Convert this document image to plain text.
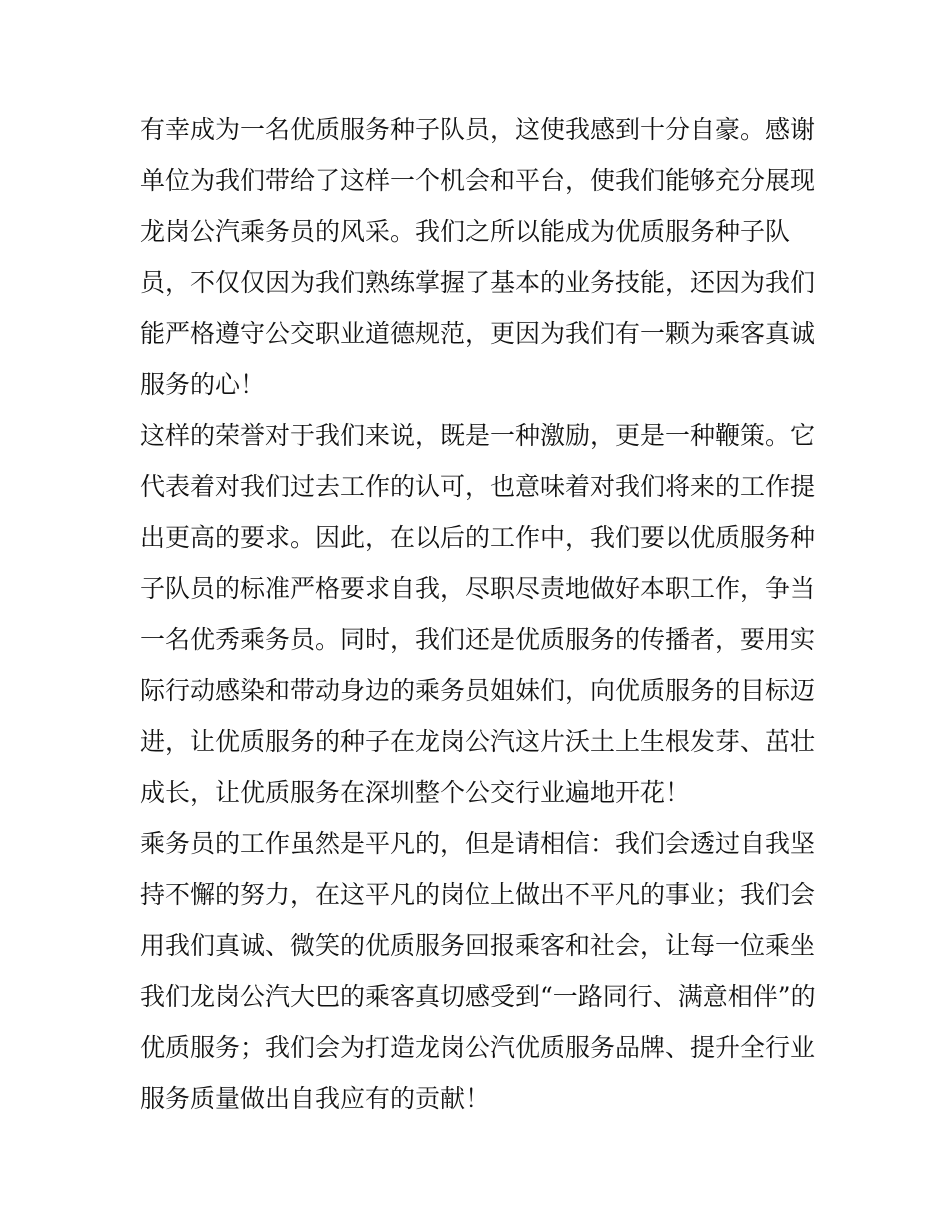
有幸成为一名优质服务种子队员，这使我感到十分自豪。感谢
单位为我们带给了这样一个机会和平台，使我们能够充分展现
龙岗公汽乘务员的风采。我们之所以能成为优质服务种子队
员，不仅仅因为我们熟练掌握了基本的业务技能，还因为我们
能严格遵守公交职业道德规范，更因为我们有一颗为乘客真诚
服务的心！
这样的荣誉对于我们来说，既是一种激励，更是一种鞭策。它
代表着对我们过去工作的认可，也意味着对我们将来的工作提
出更高的要求。因此，在以后的工作中，我们要以优质服务种
子队员的标准严格要求自我，尽职尽责地做好本职工作，争当
一名优秀乘务员。同时，我们还是优质服务的传播者，要用实
际行动感染和带动身边的乘务员姐妹们，向优质服务的目标迈
进，让优质服务的种子在龙岗公汽这片沃土上生根发芽、茁壮
成长，让优质服务在深圳整个公交行业遍地开花！
乘务员的工作虽然是平凡的，但是请相信：我们会透过自我坚
持不懈的努力，在这平凡的岗位上做出不平凡的事业；我们会
用我们真诚、微笑的优质服务回报乘客和社会，让每一位乘坐
我们龙岗公汽大巴的乘客真切感受到“一路同行、满意相伴”的
优质服务；我们会为打造龙岗公汽优质服务品牌、提升全行业
服务质量做出自我应有的贡献！
